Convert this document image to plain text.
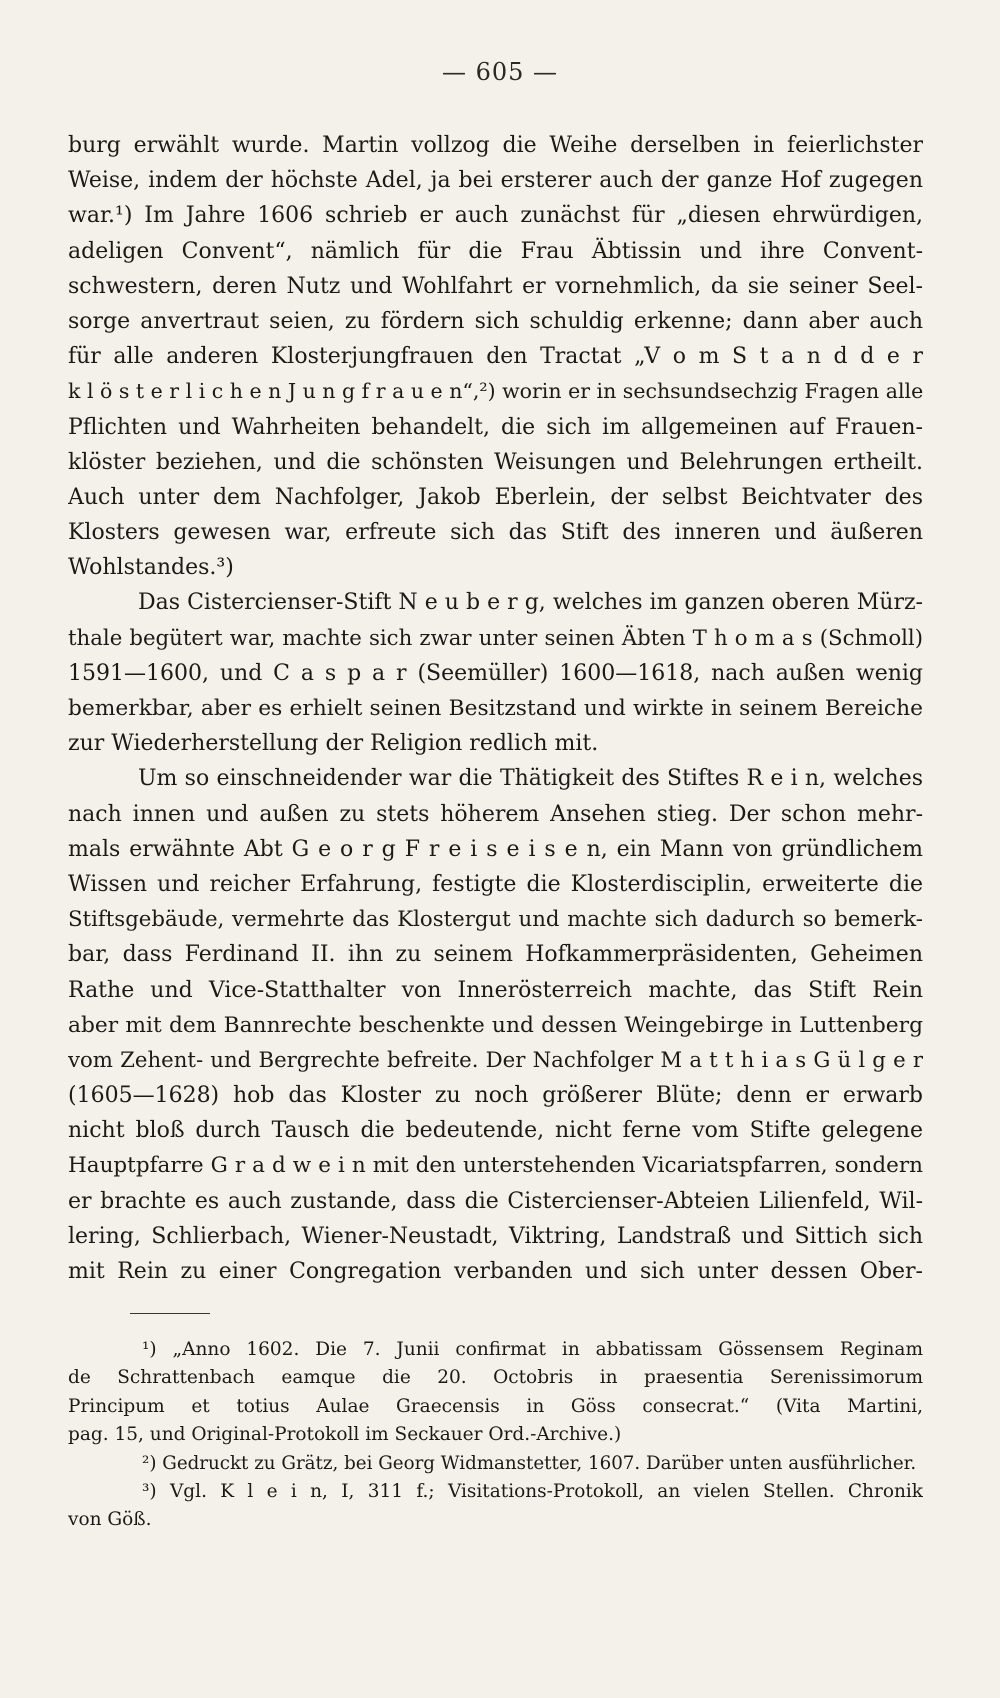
— 605 —
burg erwählt wurde. Martin vollzog die Weihe derselben in feierlichster
Weise, indem der höchste Adel, ja bei ersterer auch der ganze Hof zugegen
war.¹) Im Jahre 1606 schrieb er auch zunächst für „diesen ehrwürdigen,
adeligen Convent“, nämlich für die Frau Äbtissin und ihre Convent-
schwestern, deren Nutz und Wohlfahrt er vornehmlich, da sie seiner Seel-
sorge anvertraut seien, zu fördern sich schuldig erkenne; dann aber auch
für alle anderen Klosterjungfrauen den Tractat „V o m S t a n d d e r
k l ö s t e r l i c h e n J u n g f r a u e n“,²) worin er in sechsundsechzig Fragen alle
Pflichten und Wahrheiten behandelt, die sich im allgemeinen auf Frauen-
klöster beziehen, und die schönsten Weisungen und Belehrungen ertheilt.
Auch unter dem Nachfolger, Jakob Eberlein, der selbst Beichtvater des
Klosters gewesen war, erfreute sich das Stift des inneren und äußeren
Wohlstandes.³)
Das Cistercienser-Stift N e u b e r g, welches im ganzen oberen Mürz-
thale begütert war, machte sich zwar unter seinen Äbten T h o m a s (Schmoll)
1591—1600, und C a s p a r (Seemüller) 1600—1618, nach außen wenig
bemerkbar, aber es erhielt seinen Besitzstand und wirkte in seinem Bereiche
zur Wiederherstellung der Religion redlich mit.
Um so einschneidender war die Thätigkeit des Stiftes R e i n, welches
nach innen und außen zu stets höherem Ansehen stieg. Der schon mehr-
mals erwähnte Abt G e o r g F r e i s e i s e n, ein Mann von gründlichem
Wissen und reicher Erfahrung, festigte die Klosterdisciplin, erweiterte die
Stiftsgebäude, vermehrte das Klostergut und machte sich dadurch so bemerk-
bar, dass Ferdinand II. ihn zu seinem Hofkammerpräsidenten, Geheimen
Rathe und Vice-Statthalter von Innerösterreich machte, das Stift Rein
aber mit dem Bannrechte beschenkte und dessen Weingebirge in Luttenberg
vom Zehent- und Bergrechte befreite. Der Nachfolger M a t t h i a s G ü l g e r
(1605—1628) hob das Kloster zu noch größerer Blüte; denn er erwarb
nicht bloß durch Tausch die bedeutende, nicht ferne vom Stifte gelegene
Hauptpfarre G r a d w e i n mit den unterstehenden Vicariatspfarren, sondern
er brachte es auch zustande, dass die Cistercienser-Abteien Lilienfeld, Wil-
lering, Schlierbach, Wiener-Neustadt, Viktring, Landstraß und Sittich sich
mit Rein zu einer Congregation verbanden und sich unter dessen Ober-
¹) „Anno 1602. Die 7. Junii confirmat in abbatissam Gössensem Reginam
de Schrattenbach eamque die 20. Octobris in praesentia Serenissimorum
Principum et totius Aulae Graecensis in Göss consecrat.“ (Vita Martini,
pag. 15, und Original-Protokoll im Seckauer Ord.-Archive.)
²) Gedruckt zu Grätz, bei Georg Widmanstetter, 1607. Darüber unten ausführlicher.
³) Vgl. K l e i n, I, 311 f.; Visitations-Protokoll, an vielen Stellen. Chronik
von Göß.
